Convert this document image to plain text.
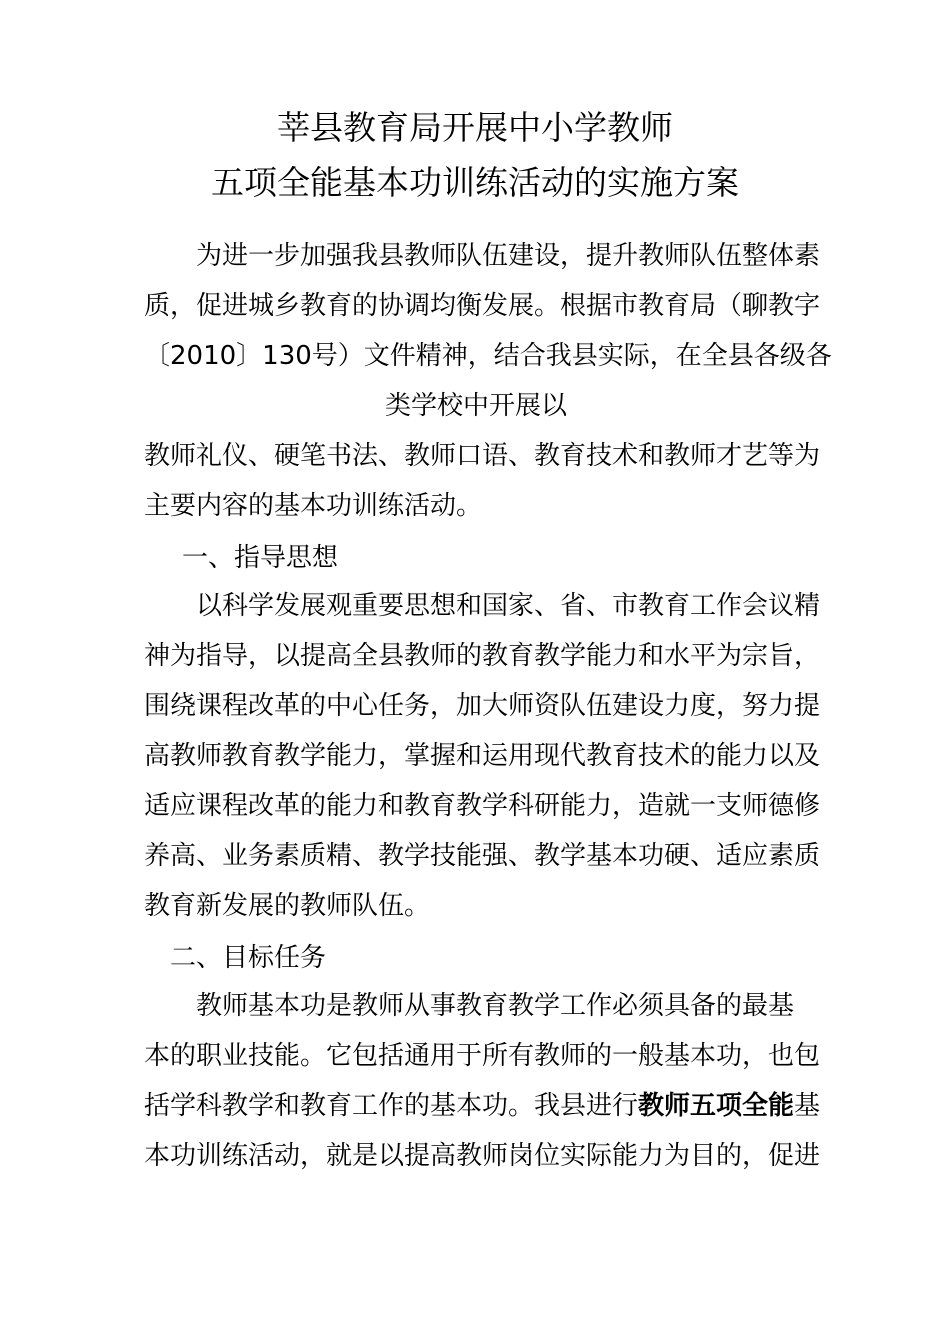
莘县教育局开展中小学教师
五项全能基本功训练活动的实施方案
为进一步加强我县教师队伍建设，提升教师队伍整体素
质，促进城乡教育的协调均衡发展。根据市教育局（聊教字
〔2010〕130号）文件精神，结合我县实际，在全县各级各
类学校中开展以
教师礼仪、硬笔书法、教师口语、教育技术和教师才艺等为
主要内容的基本功训练活动。
一、指导思想
以科学发展观重要思想和国家、省、市教育工作会议精
神为指导，以提高全县教师的教育教学能力和水平为宗旨，
围绕课程改革的中心任务，加大师资队伍建设力度，努力提
高教师教育教学能力，掌握和运用现代教育技术的能力以及
适应课程改革的能力和教育教学科研能力，造就一支师德修
养高、业务素质精、教学技能强、教学基本功硬、适应素质
教育新发展的教师队伍。
二、目标任务
教师基本功是教师从事教育教学工作必须具备的最基
本的职业技能。它包括通用于所有教师的一般基本功，也包
括学科教学和教育工作的基本功。我县进行教师五项全能基
本功训练活动，就是以提高教师岗位实际能力为目的，促进
